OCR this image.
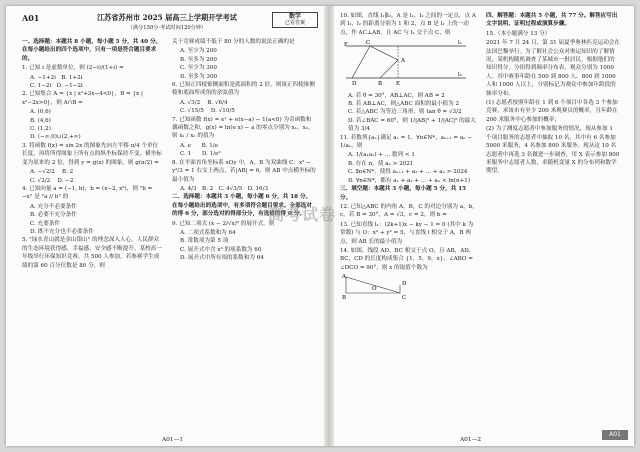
A01	江苏省苏州市 2025 届高三上学期开学考试
（满分150分·考试时间120分钟）
数学
已看答案
一、选择题：本题共 8 小题，每小题 5 分，共 40 分。在每小题给出的四个选项中，只有一项是符合题目要求的。
1. 已知 i 是虚数单位，则 (2−i)/(1+i) =
A. −1+2i B. 1+2i
C. 1−2i D. −1−2i
2. 已知集合 A = {x | x²+3x−4<0}，B = {x | x²−2x>0}，则 A∩B =
A. (0,6)
B. (4,6)
C. (1,2)
D. (−∞,0)∪(2,+∞)
3. 将函数 f(x) = sin 2x 的图象先向左平移 π/4 个单位长度，再将所得图象上所有点的纵坐标保持不变，横坐标变为原来的 2 倍，得到 y = g(x) 的图象，则 g(π/2) =
A. −√2/2 B. 2
C. √2/2 D. −2
4. 已知向量 a = (−1, b)，b = (x−2, x²)，则 "b = −x" 是 "a // b" 的
A. 充分不必要条件
B. 必要不充分条件
C. 充要条件
D. 既不充分也不必要条件
5. "绿水青山就是金山银山" 的理念深入人心，人民群众的生态环境获得感、幸福感、安全感不断提升。某校高一年级举行环保知识竞赛，共 500 人参加，若参赛学生成绩的第 60 百分位数是 80 分，则
关于竞赛成绩不低于 80 分的人数的说法正确的是
A. 至少为 200
B. 至多为 200
C. 至少为 300
D. 至多为 300
6. 已知正四棱锥侧面积是底面积的 2 倍，则该正四棱锥侧棱和底面所成角的余弦值为
A. √3/2 B. √6/4
C. √15/5 D. √10/5
7. 已知函数 f(x) = eˣ + e(x−a) − 1(a<0) 为奇函数和偶函数之和，g(x) = ln(e x) − a 的零点分别为 x₁，x₂，则 x₁ / x₂ 的值为
A. e B. 1/e
C. 1 D. 1/e²
8. 在平面直角坐标系 xOy 中，A，B 为双曲线 C：x² − y²/3 = 1 右支上两点，若|AB| = 6，则 AB 中点横坐标的最小值为
A. 4/3 B. 2 C. 4√3/5 D. 16/3
二、选择题：本题共 3 小题，每小题 6 分，共 18 分。在每小题给出的选项中，有多项符合题目要求。全部选对的得 6 分，部分选对的得部分分，有选错的得 0 分。
9. 已知二项式 (x − 2/√x)⁶ 的展开式，则
A. 二项式系数和为 64
B. 常数项为第 5 项
C. 展开式中含 x³ 的项系数为 60
D. 展开式中所有项的系数和为 64
A01—1
高考试卷
10. 如图，直线 l₁∥l₂，A 是 l₁，l₂ 之间的一定点，点 A 到 l₁，l₂ 的距离分别为 1 和 2，点 B 是 l₂ 上的一动点，作 AC⊥AB，且 AC 与 l₁ 交于点 C，则
F	C
A
D	B	E
l₁
l₂
A. 若 θ = 30°，AB⊥AC，则 AB = 2
B. 若 AB⊥AC，则△ABC 面积的最小值为 2
C. 若△ABC 为等边三角形，则 tan θ = √3/2
D. 若∠BAC = 60°，则 1/|AB|² + 1/|AC|² 的最大值为 3/4
11. 若数列{aₙ}满足 a₁ = 1，∀n∈N*，aₙ₊₁ = aₙ − 1/aₙ，则
A. 1/(a₁a₂) + ... 数列 < 1
B. 存在 n，使 aₙ > 2021
C. ∃n∈N*，使得 aₙ₊₁ + a₂ + ... + aₙ > 2024
D. ∀n∈N*，都有 a₁ + a₂ + ... + aₙ < ln(n+1)
三、填空题：本题共 3 小题，每小题 5 分，共 15 分。
12. 已知△ABC 的内角 A，B，C 的对边分别为 a，b，c，若 B = 30°，A = √3，c = 2，则 b =
13. 已知直线 l₁：(2k+1)x − ky − 1 = 0 (其中 k 为常数) 与 O：x² + y² = 5，与直线 l 相交于 A，B 两点，则 AB 长的最小值为
14. 如图，线段 AD，BC 相交于点 O，且 AB，AD，BC，CD 的长度构成集合 {1，5，9，x}，∠ABO = ∠DCO = 90°，则 x 的取值个数为
A
B	C
D
O
四、解答题：本题共 5 小题，共 77 分。解答应写出文字说明、证明过程或演算步骤。
15.（本小题满分 13 分）
2021 年 7 月 24 日，第 31 届夏季奥林匹克运动会在法国巴黎举行。为了解社会公众对奥运知识的了解情况，某机构随机调查了某城市一批居民，根据他们的知识得分，分组得到频率分布表，观众分别为 1000 人。其中赛事年龄在 500 到 800 人、800 到 1000 人和 1000 人以上，分别标记为观众中参加年龄段的频率分布。
(1) 志愿者按照年龄在 1 到 6 个项目中各选 3 个参加竞赛，求该市有至少 200 米观赛员的概率，且年龄在 200 米服务中心参加的概率；
(2) 为了测度志愿者中参加服务的情况，现从参加 1 个项目服务的志愿者中抽取 10 名，其中有 6 名参加 5000 米服务，4 名参加 800 米服务。现从这 10 名志愿者中再选 3 名做进一步调查，用 X 表示参加 800 米服务中志愿者人数，求随机变量 X 的分布列和数学期望。
A01—2
A01
